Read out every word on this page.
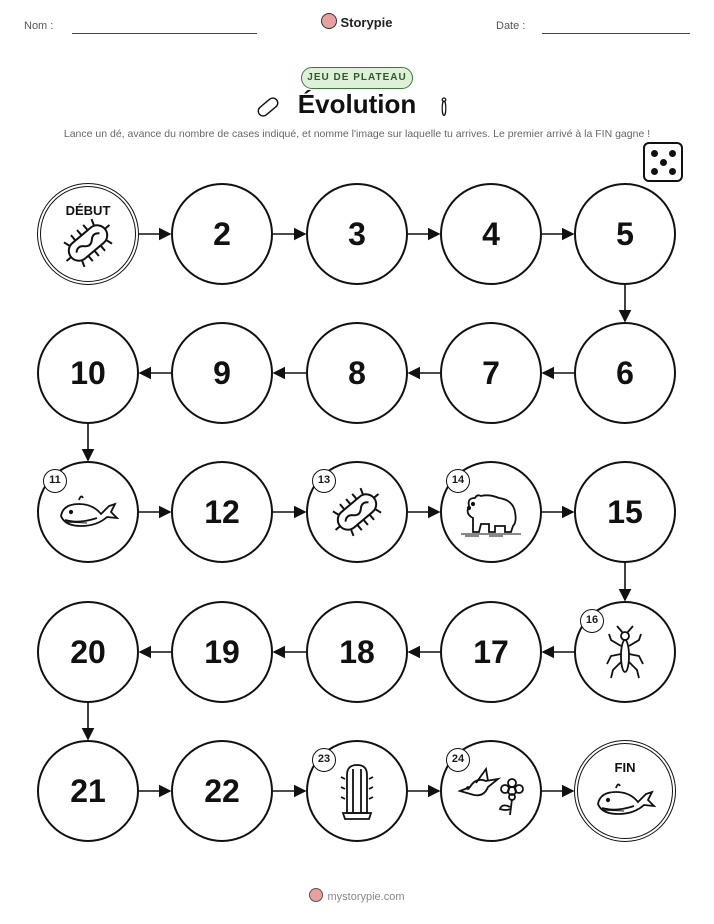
Nom :	Storypie	Date :
JEU DE PLATEAU
Évolution
Lance un dé, avance du nombre de cases indiqué, et nomme l'image sur laquelle tu arrives. Le premier arrivé à la FIN gagne !
DÉBUT
2	3	4	5
6
7
8
9
10
11
12
13	14
15
16
17
18
19
20
21	22
23	24
FIN
mystorypie.com
